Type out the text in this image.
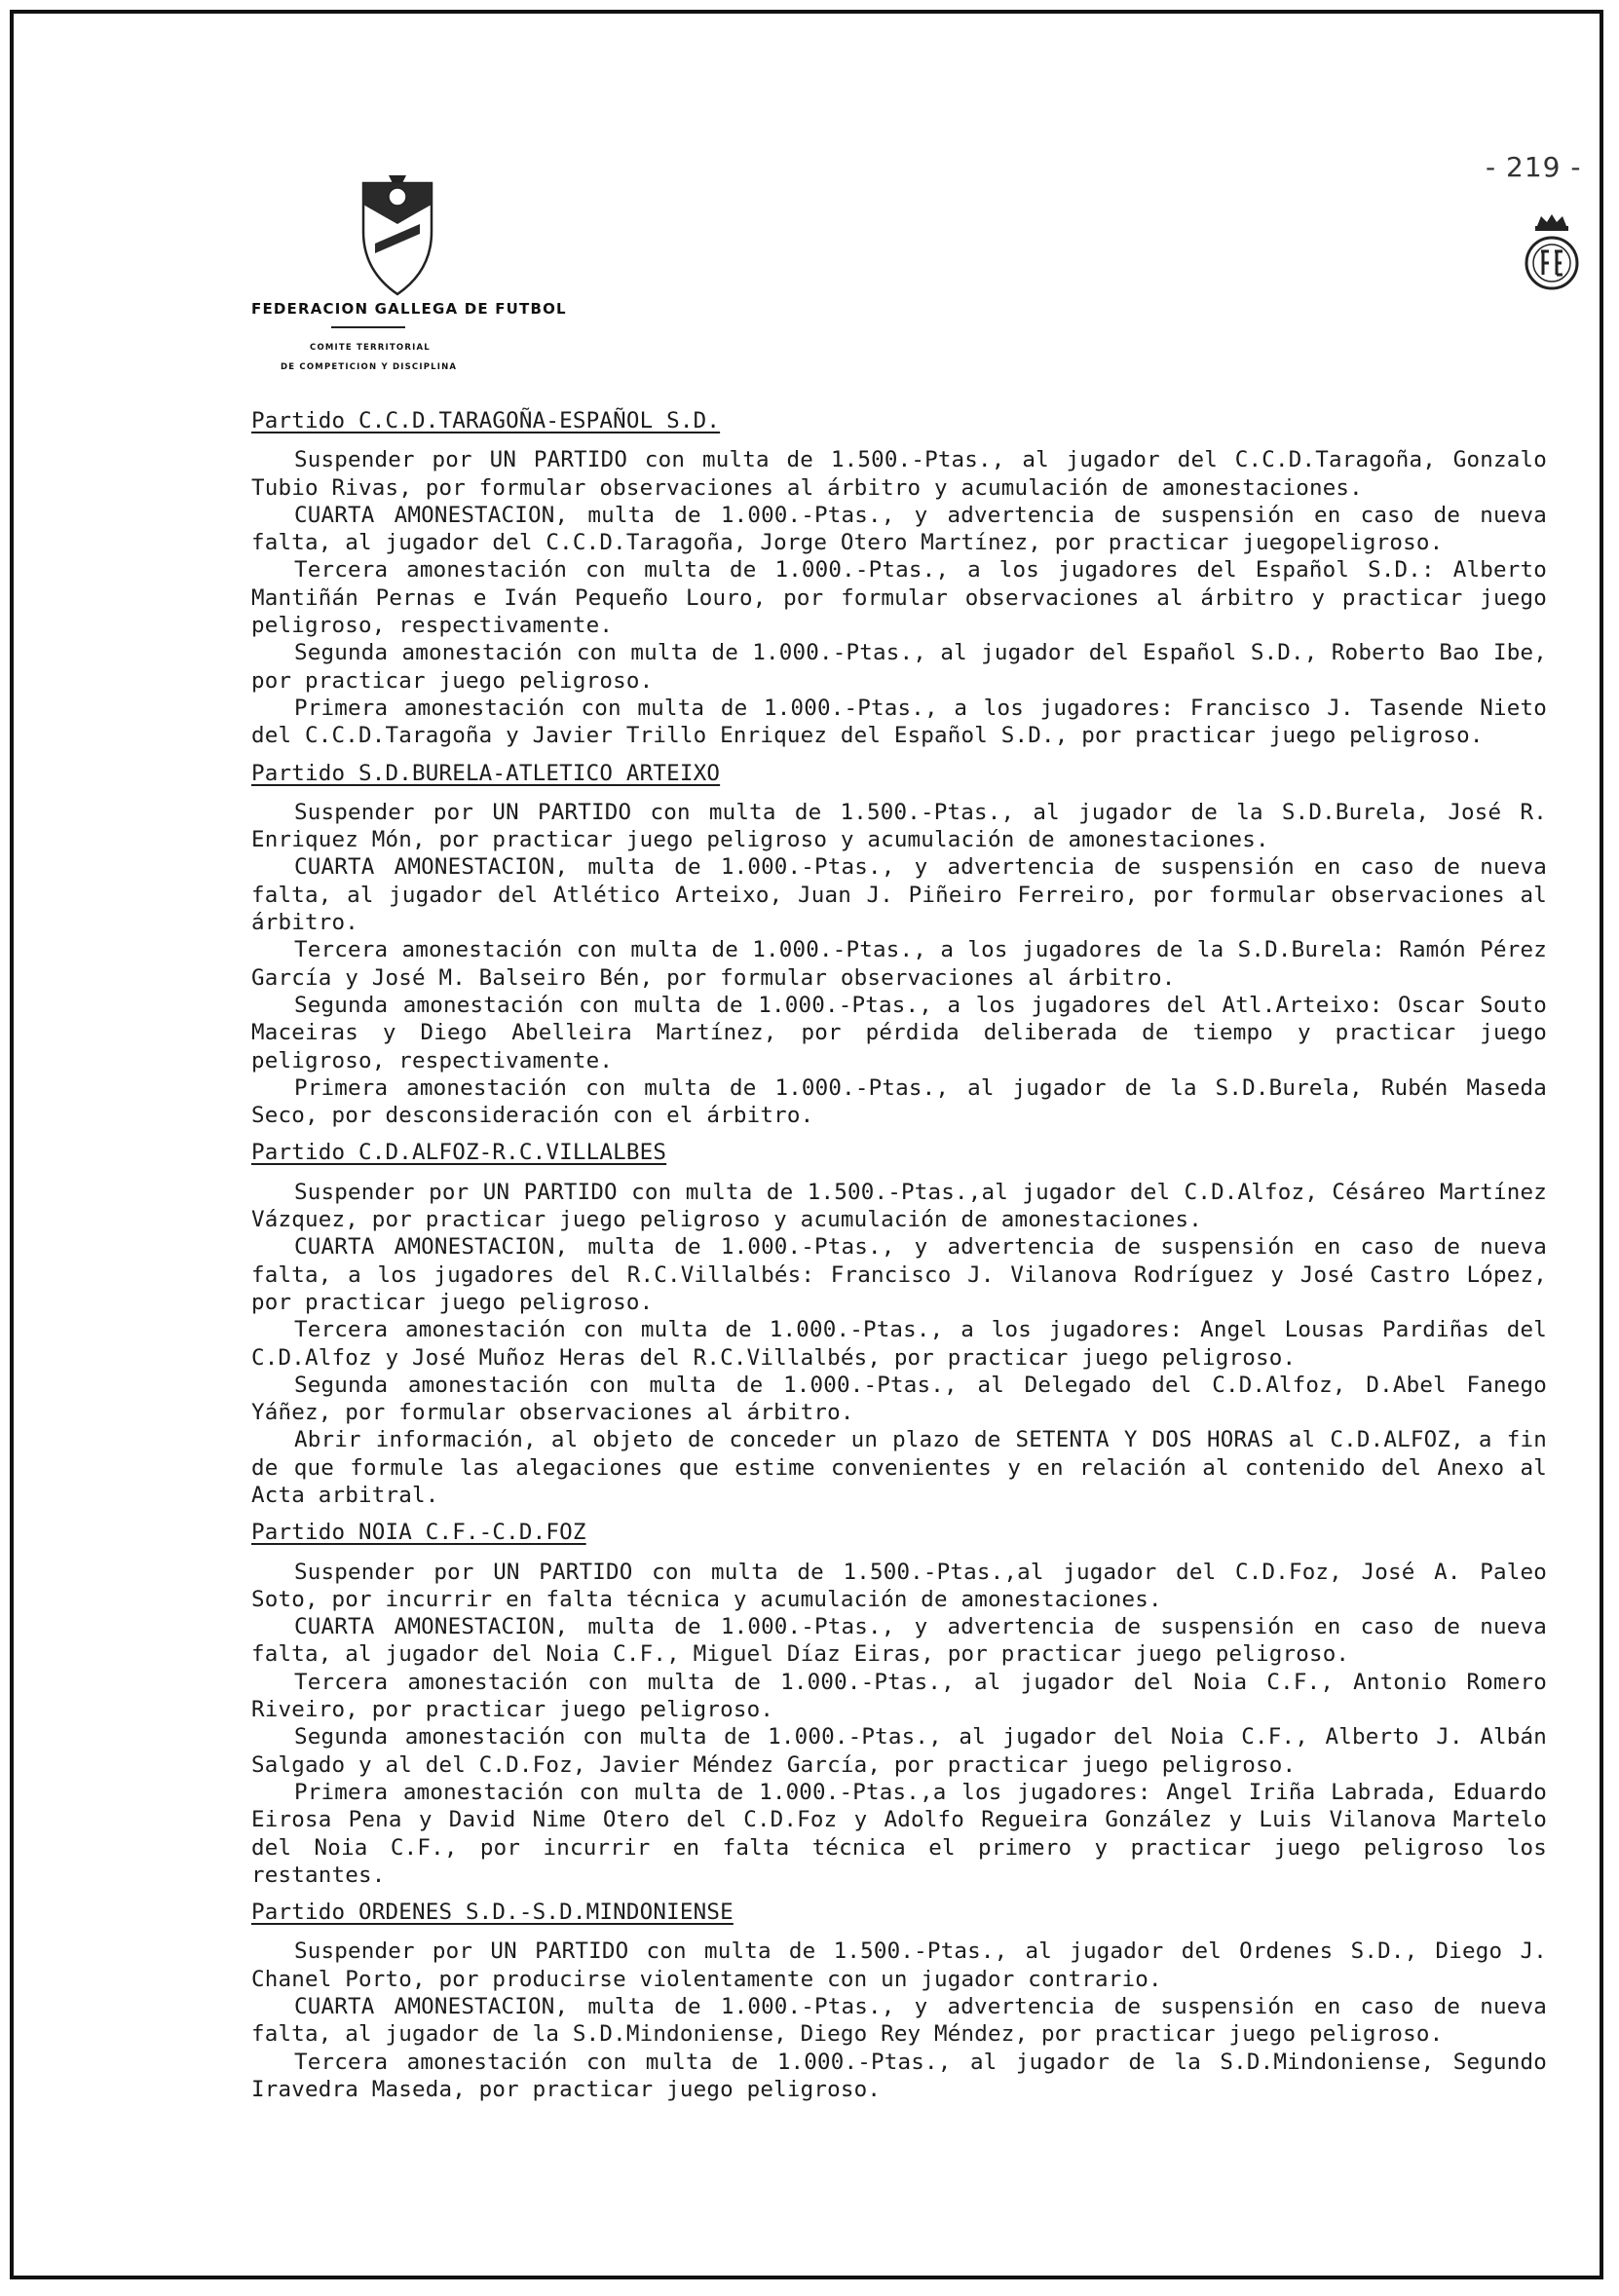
- 219 -
FEDERACION GALLEGA DE FUTBOL
COMITE TERRITORIAL
DE COMPETICION Y DISCIPLINA
Partido C.C.D.TARAGOÑA-ESPAÑOL S.D.

Suspender por UN PARTIDO con multa de 1.500.-Ptas., al jugador del C.C.D.Taragoña, Gonzalo Tubio Rivas, por formular observaciones al árbitro y acumulación de amonestaciones.

CUARTA AMONESTACION, multa de 1.000.-Ptas., y advertencia de suspensión en caso de nueva falta, al jugador del C.C.D.Taragoña, Jorge Otero Martínez, por practicar juegopeligroso.

Tercera amonestación con multa de 1.000.-Ptas., a los jugadores del Español S.D.: Alberto Mantiñán Pernas e Iván Pequeño Louro, por formular observaciones al árbitro y practicar juego peligroso, respectivamente.

Segunda amonestación con multa de 1.000.-Ptas., al jugador del Español S.D., Roberto Bao Ibe, por practicar juego peligroso.

Primera amonestación con multa de 1.000.-Ptas., a los jugadores: Francisco J. Tasende Nieto del C.C.D.Taragoña y Javier Trillo Enriquez del Español S.D., por practicar juego peligroso.

Partido S.D.BURELA-ATLETICO ARTEIXO

Suspender por UN PARTIDO con multa de 1.500.-Ptas., al jugador de la S.D.Burela, José R. Enriquez Món, por practicar juego peligroso y acumulación de amonestaciones.

CUARTA AMONESTACION, multa de 1.000.-Ptas., y advertencia de suspensión en caso de nueva falta, al jugador del Atlético Arteixo, Juan J. Piñeiro Ferreiro, por formular observaciones al árbitro.

Tercera amonestación con multa de 1.000.-Ptas., a los jugadores de la S.D.Burela: Ramón Pérez García y José M. Balseiro Bén, por formular observaciones al árbitro.

Segunda amonestación con multa de 1.000.-Ptas., a los jugadores del Atl.Arteixo: Oscar Souto Maceiras y Diego Abelleira Martínez, por pérdida deliberada de tiempo y practicar juego peligroso, respectivamente.

Primera amonestación con multa de 1.000.-Ptas., al jugador de la S.D.Burela, Rubén Maseda Seco, por desconsideración con el árbitro.

Partido C.D.ALFOZ-R.C.VILLALBES

Suspender por UN PARTIDO con multa de 1.500.-Ptas.,al jugador del C.D.Alfoz, Césáreo Martínez Vázquez, por practicar juego peligroso y acumulación de amonestaciones.

CUARTA AMONESTACION, multa de 1.000.-Ptas., y advertencia de suspensión en caso de nueva falta, a los jugadores del R.C.Villalbés: Francisco J. Vilanova Rodríguez y José Castro López, por practicar juego peligroso.

Tercera amonestación con multa de 1.000.-Ptas., a los jugadores: Angel Lousas Pardiñas del C.D.Alfoz y José Muñoz Heras del R.C.Villalbés, por practicar juego peligroso.

Segunda amonestación con multa de 1.000.-Ptas., al Delegado del C.D.Alfoz, D.Abel Fanego Yáñez, por formular observaciones al árbitro.

Abrir información, al objeto de conceder un plazo de SETENTA Y DOS HORAS al C.D.ALFOZ, a fin de que formule las alegaciones que estime convenientes y en relación al contenido del Anexo al Acta arbitral.

Partido NOIA C.F.-C.D.FOZ

Suspender por UN PARTIDO con multa de 1.500.-Ptas.,al jugador del C.D.Foz, José A. Paleo Soto, por incurrir en falta técnica y acumulación de amonestaciones.

CUARTA AMONESTACION, multa de 1.000.-Ptas., y advertencia de suspensión en caso de nueva falta, al jugador del Noia C.F., Miguel Díaz Eiras, por practicar juego peligroso.

Tercera amonestación con multa de 1.000.-Ptas., al jugador del Noia C.F., Antonio Romero Riveiro, por practicar juego peligroso.

Segunda amonestación con multa de 1.000.-Ptas., al jugador del Noia C.F., Alberto J. Albán Salgado y al del C.D.Foz, Javier Méndez García, por practicar juego peligroso.

Primera amonestación con multa de 1.000.-Ptas.,a los jugadores: Angel Iriña Labrada, Eduardo Eirosa Pena y David Nime Otero del C.D.Foz y Adolfo Regueira González y Luis Vilanova Martelo del Noia C.F., por incurrir en falta técnica el primero y practicar juego peligroso los restantes.

Partido ORDENES S.D.-S.D.MINDONIENSE

Suspender por UN PARTIDO con multa de 1.500.-Ptas., al jugador del Ordenes S.D., Diego J. Chanel Porto, por producirse violentamente con un jugador contrario.

CUARTA AMONESTACION, multa de 1.000.-Ptas., y advertencia de suspensión en caso de nueva falta, al jugador de la S.D.Mindoniense, Diego Rey Méndez, por practicar juego peligroso.

Tercera amonestación con multa de 1.000.-Ptas., al jugador de la S.D.Mindoniense, Segundo Iravedra Maseda, por practicar juego peligroso.
